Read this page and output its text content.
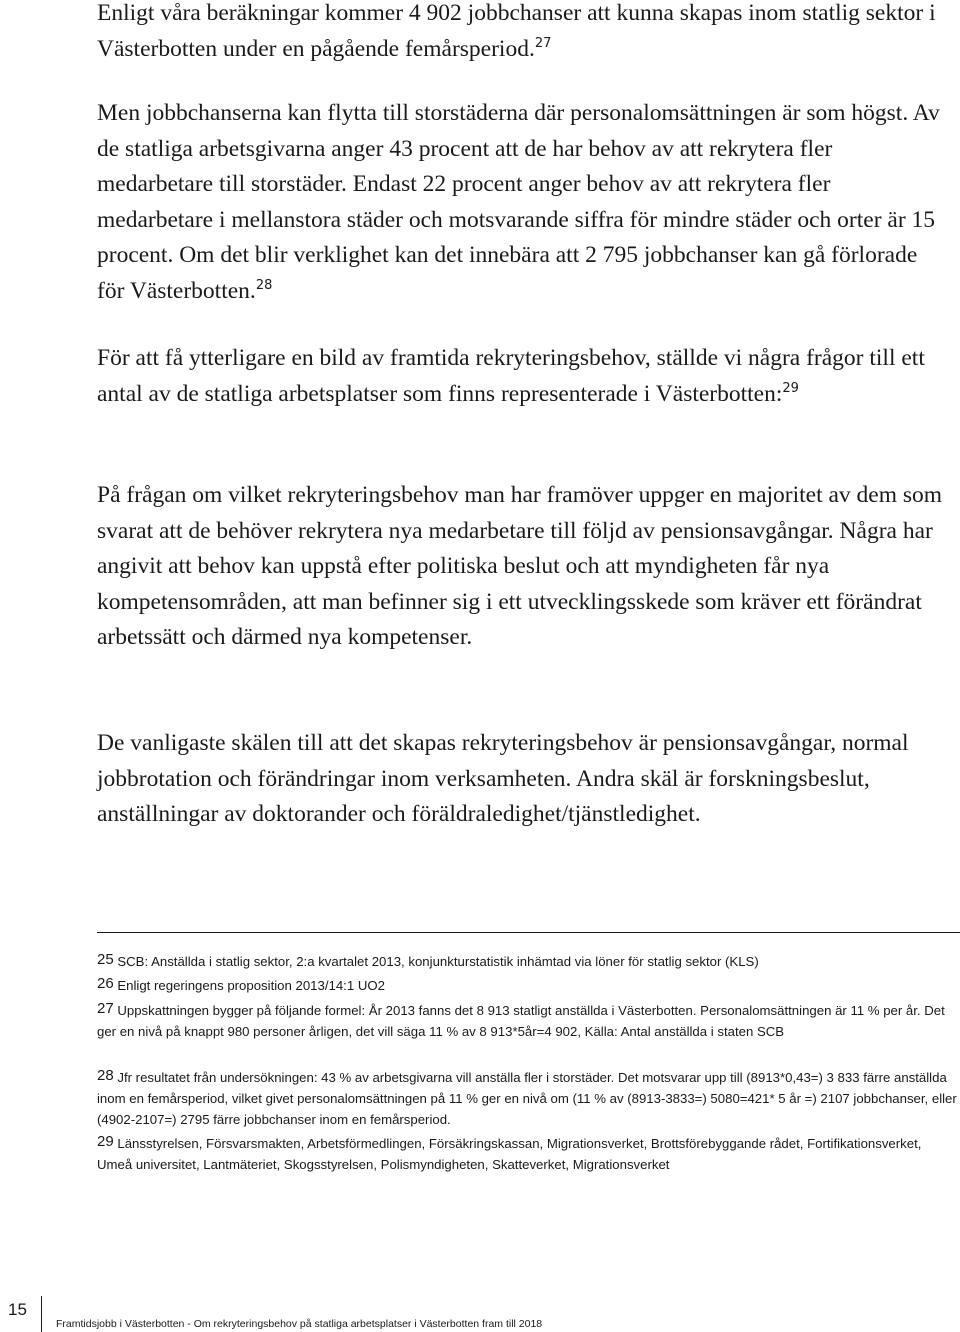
Enligt våra beräkningar kommer 4 902 jobbchanser att kunna skapas inom statlig sektor i Västerbotten under en pågående femårsperiod.$^{27}$

Men jobbchanserna kan flytta till storstäderna där personalomsättningen är som högst. Av de statliga arbetsgivarna anger 43 procent att de har behov av att rekrytera fler medarbetare till storstäder. Endast 22 procent anger behov av att rekrytera fler medarbetare i mellanstora städer och motsvarande siffra för mindre städer och orter är 15 procent. Om det blir verklighet kan det innebära att 2 795 jobbchanser kan gå förlorade för Västerbotten.$^{28}$

För att få ytterligare en bild av framtida rekryteringsbehov, ställde vi några frågor till ett antal av de statliga arbetsplatser som finns representerade i Västerbotten:$^{29}$

På frågan om vilket rekryteringsbehov man har framöver uppger en majoritet av dem som svarat att de behöver rekrytera nya medarbetare till följd av pensionsavgångar. Några har angivit att behov kan uppstå efter politiska beslut och att myndigheten får nya kompetensområden, att man befinner sig i ett utvecklingsskede som kräver ett förändrat arbetssätt och därmed nya kompetenser.

De vanligaste skälen till att det skapas rekryteringsbehov är pensionsavgångar, normal jobbrotation och förändringar inom verksamheten. Andra skäl är forskningsbeslut, anställningar av doktorander och föräldraledighet/tjänstledighet.

25 SCB: Anställda i statlig sektor, 2:a kvartalet 2013, konjunkturstatistik inhämtad via löner för statlig sektor (KLS)

26 Enligt regeringens proposition 2013/14:1 UO2

27 Uppskattningen bygger på följande formel: År 2013 fanns det 8 913 statligt anställda i Västerbotten. Personalomsättningen är 11 % per år. Det ger en nivå på knappt 980 personer årligen, det vill säga 11 % av 8 913*5år=4 902, Källa: Antal anställda i staten SCB

28 Jfr resultatet från undersökningen: 43 % av arbetsgivarna vill anställa fler i storstäder. Det motsvarar upp till (8913*0,43=) 3 833 färre anställda inom en femårsperiod, vilket givet personalomsättningen på 11 % ger en nivå om (11 % av (8913-3833=) 5080=421* 5 år =) 2107 jobbchanser, eller (4902-2107=) 2795 färre jobbchanser inom en femårsperiod.

29 Länsstyrelsen, Försvarsmakten, Arbetsförmedlingen, Försäkringskassan, Migrationsverket, Brottsförebyggande rådet, Fortifikationsverket, Umeå universitet, Lantmäteriet, Skogsstyrelsen, Polismyndigheten, Skatteverket, Migrationsverket

15
Framtidsjobb i Västerbotten - Om rekryteringsbehov på statliga arbetsplatser i Västerbotten fram till 2018
